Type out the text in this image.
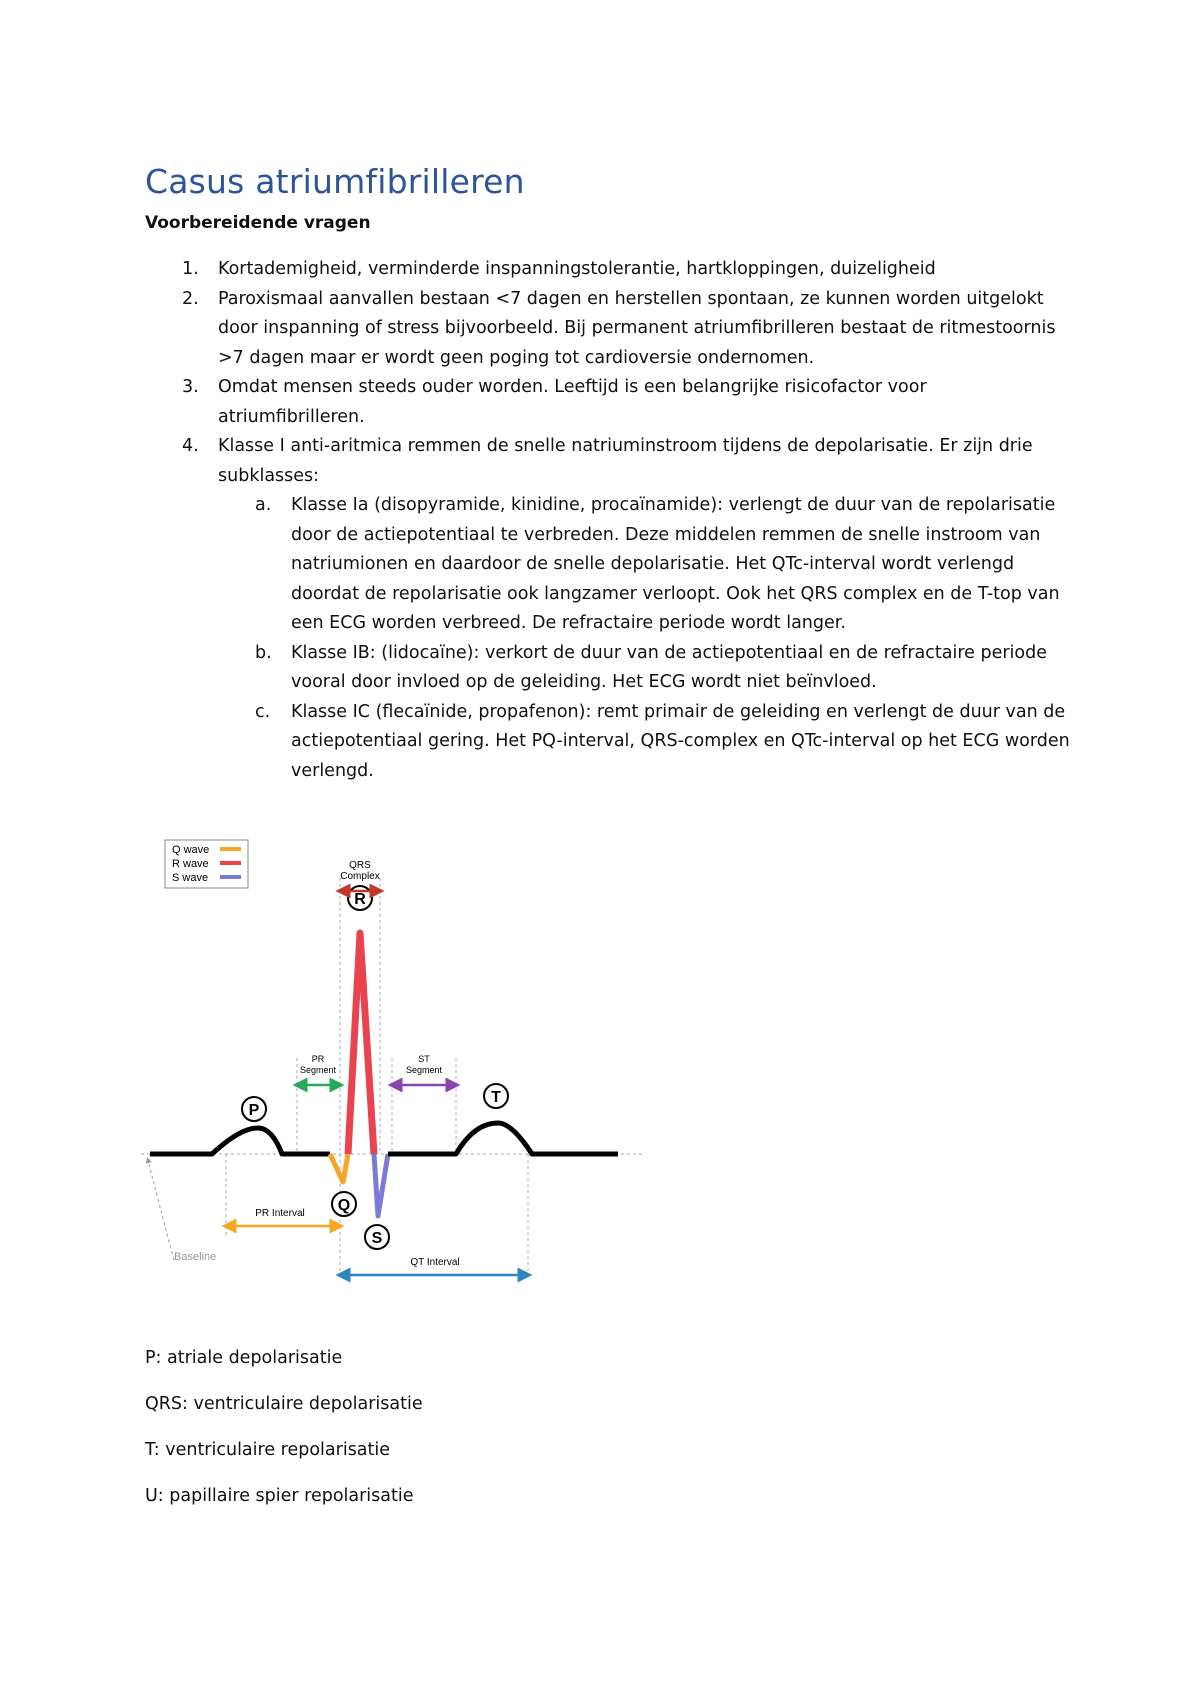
Casus atriumfibrilleren
Voorbereidende vragen
1. Kortademigheid, verminderde inspanningstolerantie, hartkloppingen, duizeligheid
2. Paroxismaal aanvallen bestaan <7 dagen en herstellen spontaan, ze kunnen worden uitgelokt door inspanning of stress bijvoorbeeld. Bij permanent atriumfibrilleren bestaat de ritmestoornis >7 dagen maar er wordt geen poging tot cardioversie ondernomen.
3. Omdat mensen steeds ouder worden. Leeftijd is een belangrijke risicofactor voor atriumfibrilleren.
4. Klasse I anti-aritmica remmen de snelle natriuminstroom tijdens de depolarisatie. Er zijn drie subklasses:
a. Klasse Ia (disopyramide, kinidine, procaïnamide): verlengt de duur van de repolarisatie door de actiepotentiaal te verbreden. Deze middelen remmen de snelle instroom van natriumionen en daardoor de snelle depolarisatie. Het QTc-interval wordt verlengd doordat de repolarisatie ook langzamer verloopt. Ook het QRS complex en de T-top van een ECG worden verbreed. De refractaire periode wordt langer.
b. Klasse IB: (lidocaïne): verkort de duur van de actiepotentiaal en de refractaire periode vooral door invloed op de geleiding. Het ECG wordt niet beïnvloed.
c. Klasse IC (flecaïnide, propafenon): remt primair de geleiding en verlengt de duur van de actiepotentiaal gering. Het PQ-interval, QRS-complex en QTc-interval op het ECG worden verlengd.
Q wave
R wave
S wave
Baseline
P
R
Q
S
T
QRS
Complex
PR
Segment
ST
Segment
PR Interval
QT Interval

P: atriale depolarisatie

QRS: ventriculaire depolarisatie

T: ventriculaire repolarisatie

U: papillaire spier repolarisatie
